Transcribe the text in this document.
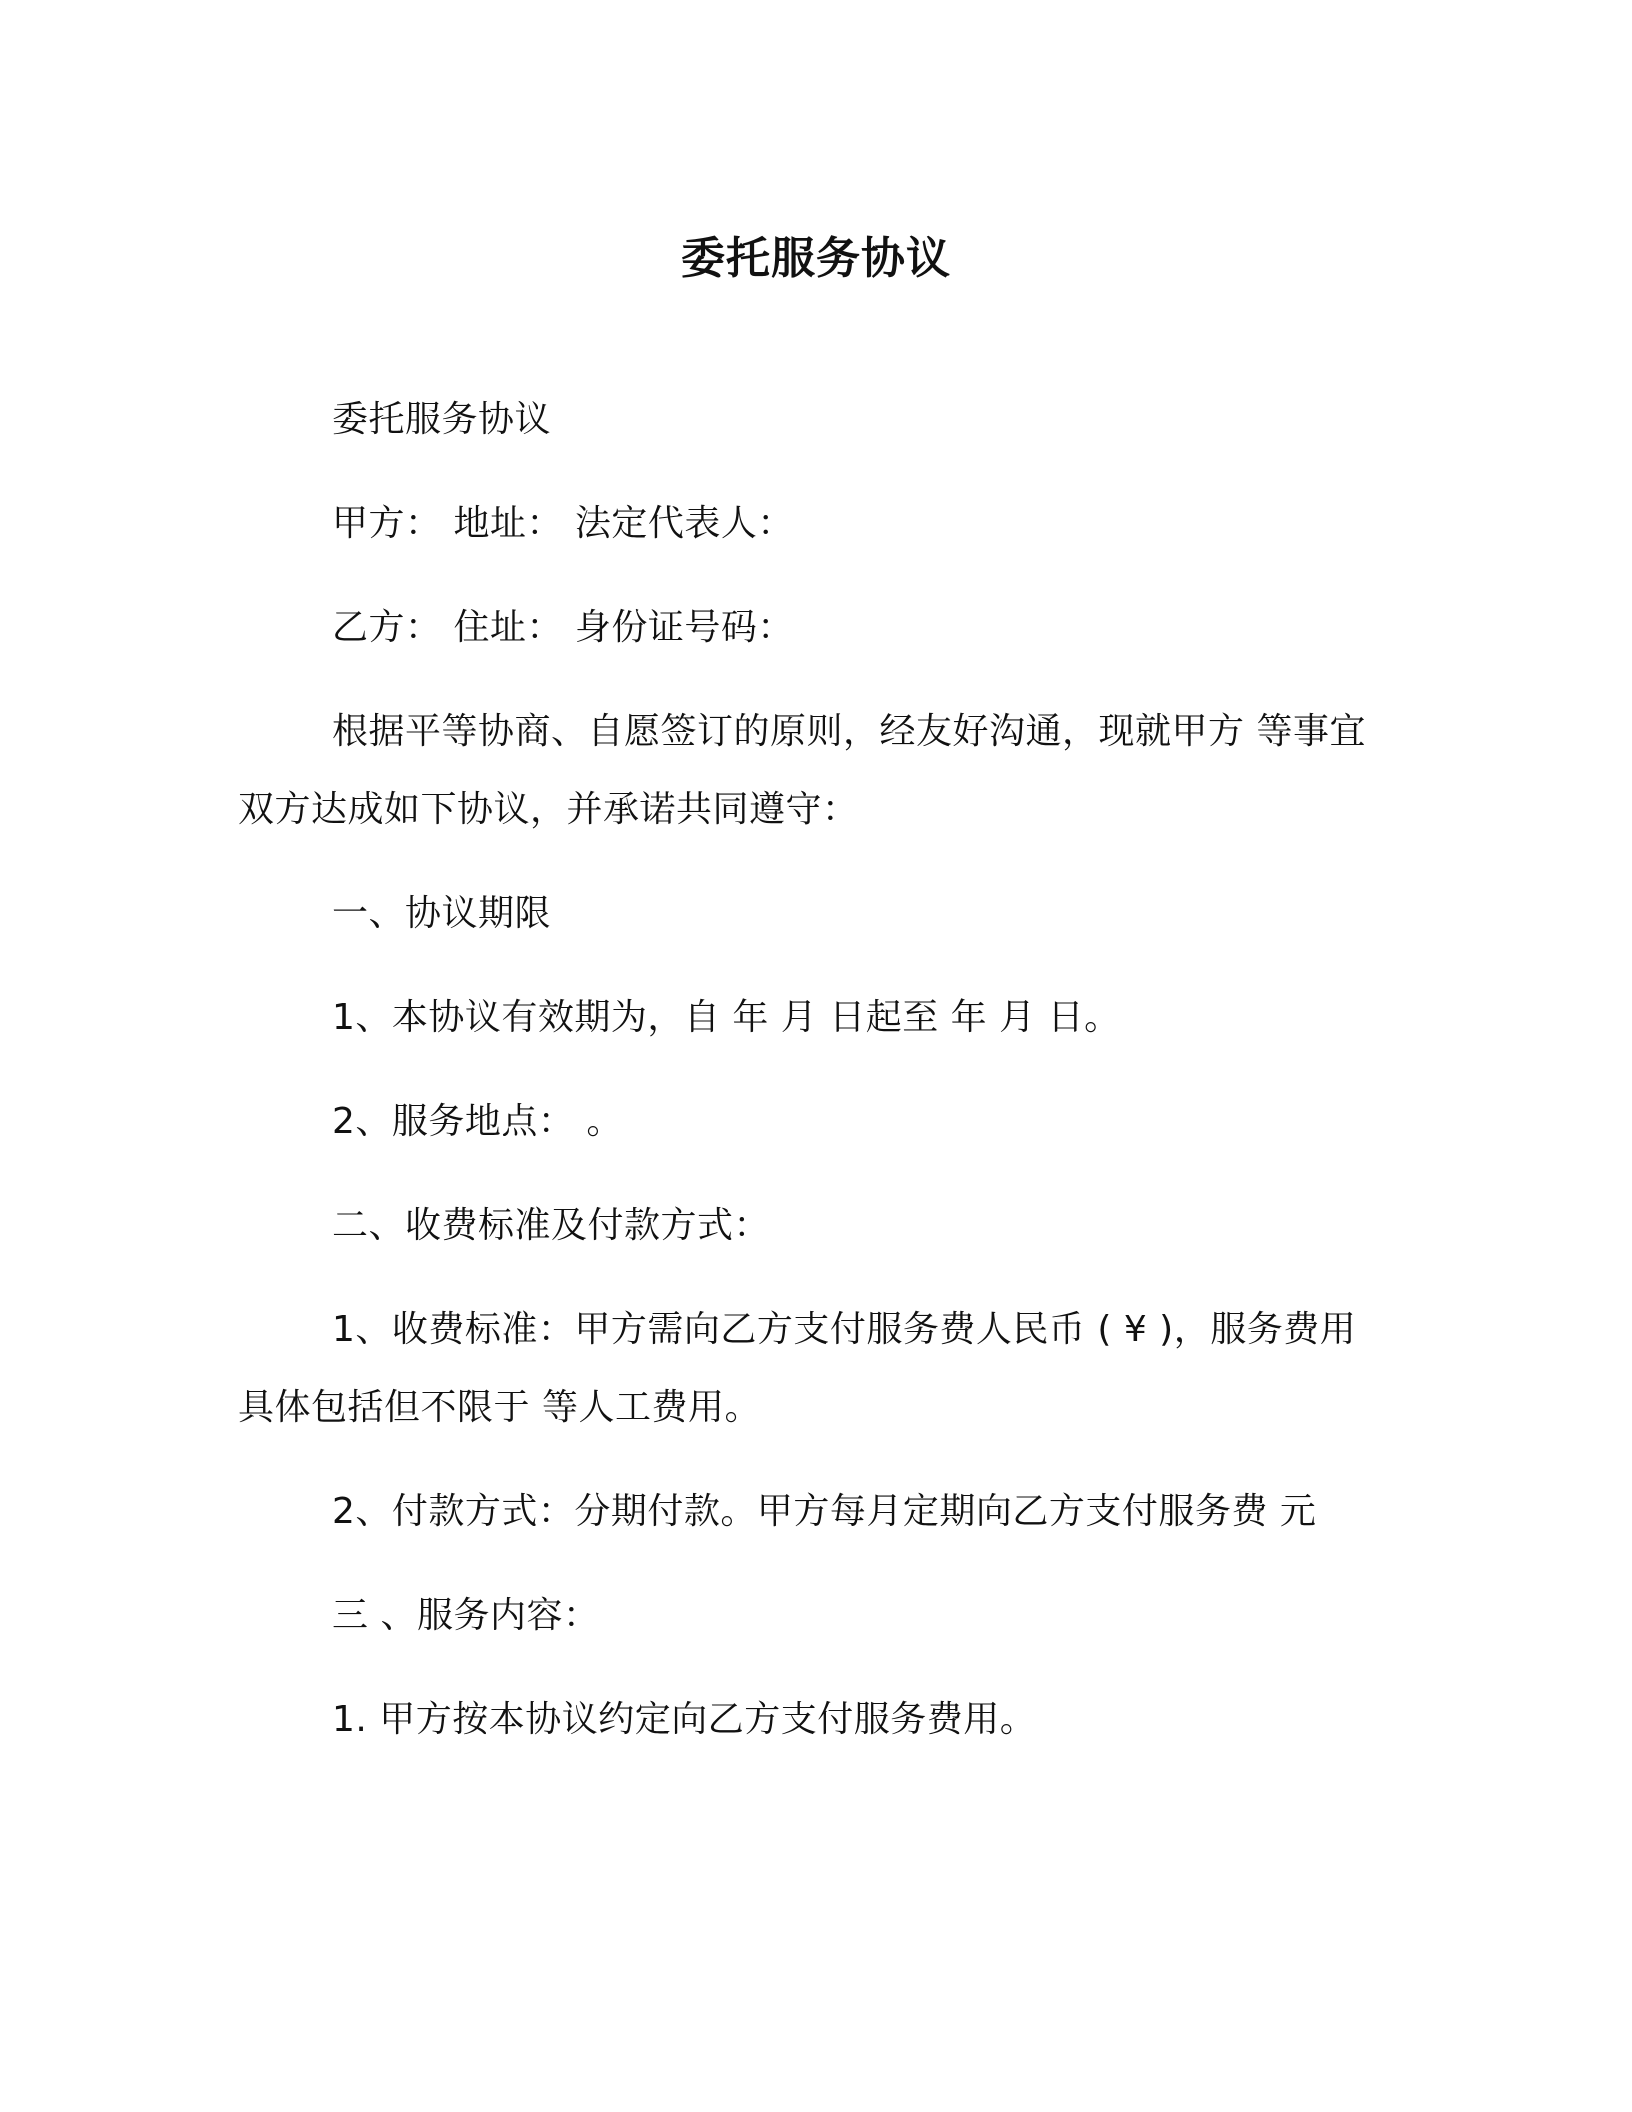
委托服务协议

委托服务协议

甲方： 地址： 法定代表人：

乙方： 住址： 身份证号码：

根据平等协商、自愿签订的原则，经友好沟通，现就甲方 等事宜

双方达成如下协议，并承诺共同遵守：

一、协议期限

1、本协议有效期为，自 年 月 日起至 年 月 日。

2、服务地点： 。

二、收费标准及付款方式：

1、收费标准：甲方需向乙方支付服务费人民币 ( ¥ )，服务费用

具体包括但不限于 等人工费用。

2、付款方式：分期付款。甲方每月定期向乙方支付服务费 元

三 、服务内容：

1. 甲方按本协议约定向乙方支付服务费用。
